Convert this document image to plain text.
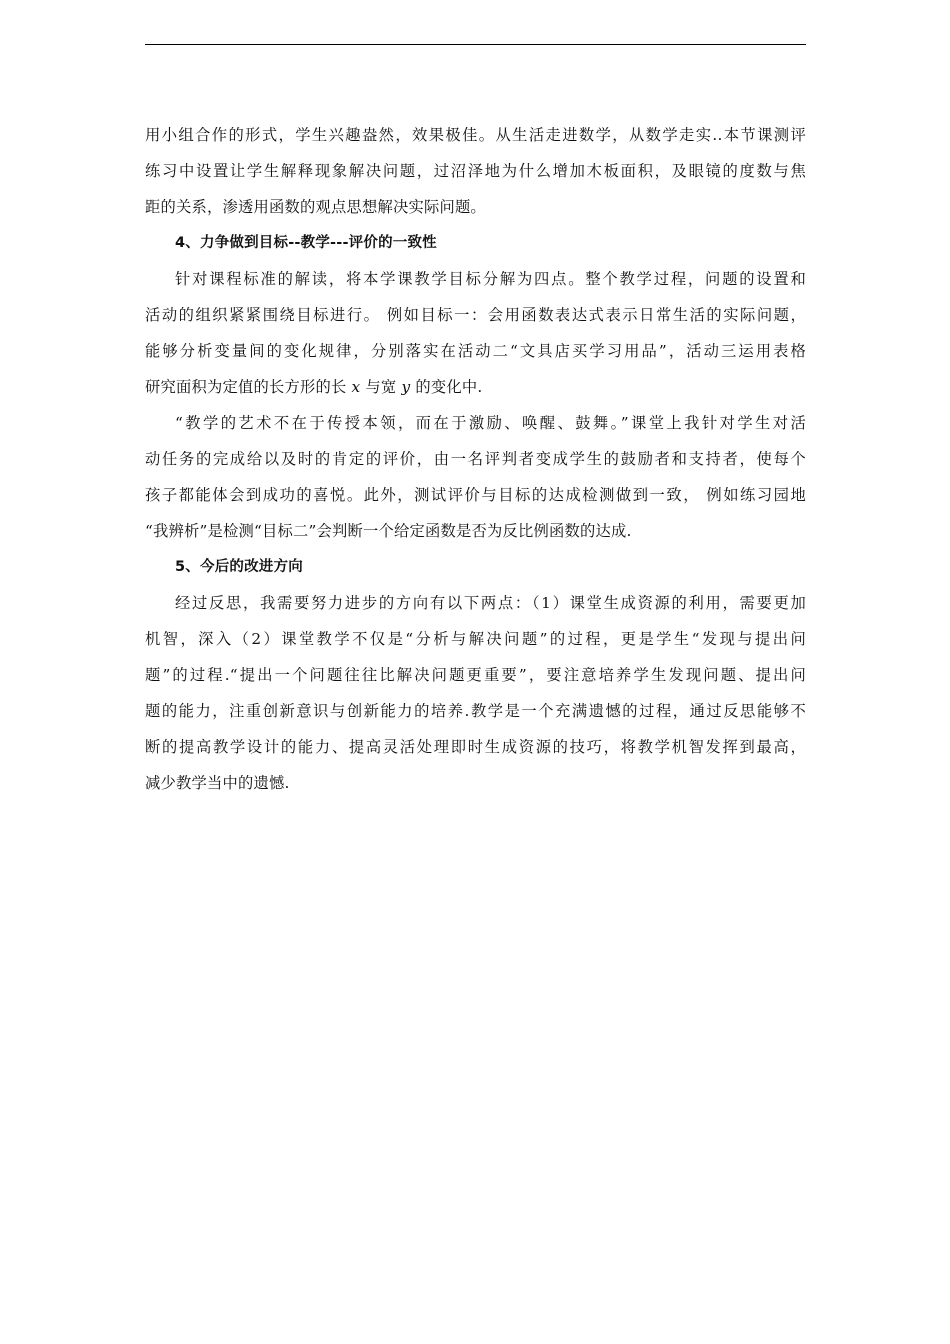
用小组合作的形式，学生兴趣盎然，效果极佳。从生活走进数学，从数学走实..本节课测评
练习中设置让学生解释现象解决问题，过沼泽地为什么增加木板面积，及眼镜的度数与焦
距的关系，渗透用函数的观点思想解决实际问题。
4、力争做到目标--教学---评价的一致性
针对课程标准的解读，将本学课教学目标分解为四点。整个教学过程，问题的设置和
活动的组织紧紧围绕目标进行。 例如目标一：会用函数表达式表示日常生活的实际问题，
能够分析变量间的变化规律，分别落实在活动二“文具店买学习用品”，活动三运用表格
研究面积为定值的长方形的长 x 与宽 y 的变化中.
“教学的艺术不在于传授本领，而在于激励、唤醒、鼓舞。”课堂上我针对学生对活
动任务的完成给以及时的肯定的评价，由一名评判者变成学生的鼓励者和支持者，使每个
孩子都能体会到成功的喜悦。此外，测试评价与目标的达成检测做到一致， 例如练习园地
“我辨析”是检测“目标二”会判断一个给定函数是否为反比例函数的达成.
5、今后的改进方向
经过反思，我需要努力进步的方向有以下两点：（1）课堂生成资源的利用，需要更加
机智，深入（2）课堂教学不仅是“分析与解决问题”的过程，更是学生“发现与提出问
题”的过程.“提出一个问题往往比解决问题更重要”，要注意培养学生发现问题、提出问
题的能力，注重创新意识与创新能力的培养.教学是一个充满遗憾的过程，通过反思能够不
断的提高教学设计的能力、提高灵活处理即时生成资源的技巧，将教学机智发挥到最高，
减少教学当中的遗憾.
